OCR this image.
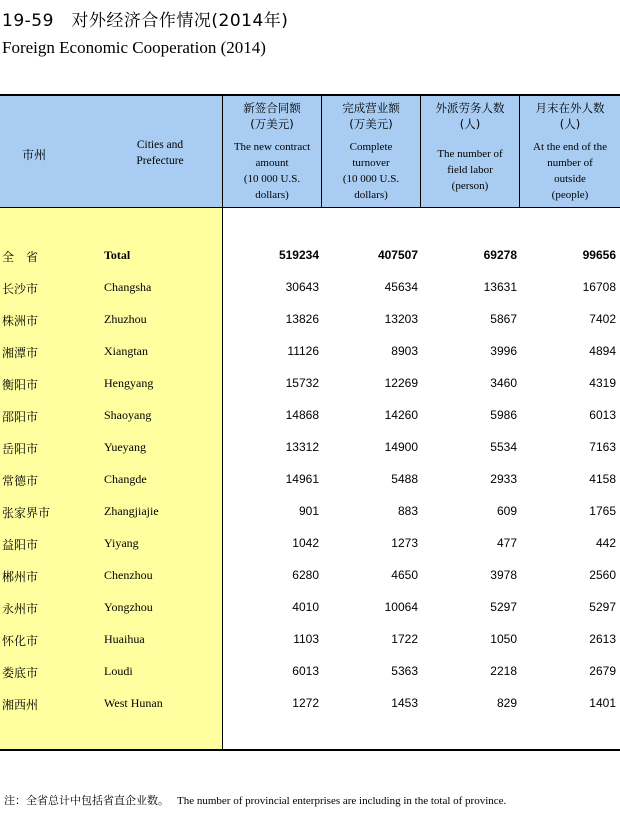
19-59　对外经济合作情况(2014年)
Foreign Economic Cooperation (2014)
市州
Cities and
Prefecture
新签合同额
(万美元)
The new contract
amount
(10 000 U.S.
dollars)
完成营业额
(万美元)
Complete
turnover
(10 000 U.S.
dollars)
外派劳务人数
(人)
The number of
field labor
(person)
月末在外人数
(人)
At the end of the
number of
outside
(people)
全　省	Total	519234	407507	69278	99656
长沙市	Changsha	30643	45634	13631	16708
株洲市	Zhuzhou	13826	13203	5867	7402
湘潭市	Xiangtan	11126	8903	3996	4894
衡阳市	Hengyang	15732	12269	3460	4319
邵阳市	Shaoyang	14868	14260	5986	6013
岳阳市	Yueyang	13312	14900	5534	7163
常德市	Changde	14961	5488	2933	4158
张家界市	Zhangjiajie	901	883	609	1765
益阳市	Yiyang	1042	1273	477	442
郴州市	Chenzhou	6280	4650	3978	2560
永州市	Yongzhou	4010	10064	5297	5297
怀化市	Huaihua	1103	1722	1050	2613
娄底市	Loudi	6013	5363	2218	2679
湘西州	West Hunan	1272	1453	829	1401
注：全省总计中包括省直企业数。 The number of provincial enterprises are including in the total of province.
